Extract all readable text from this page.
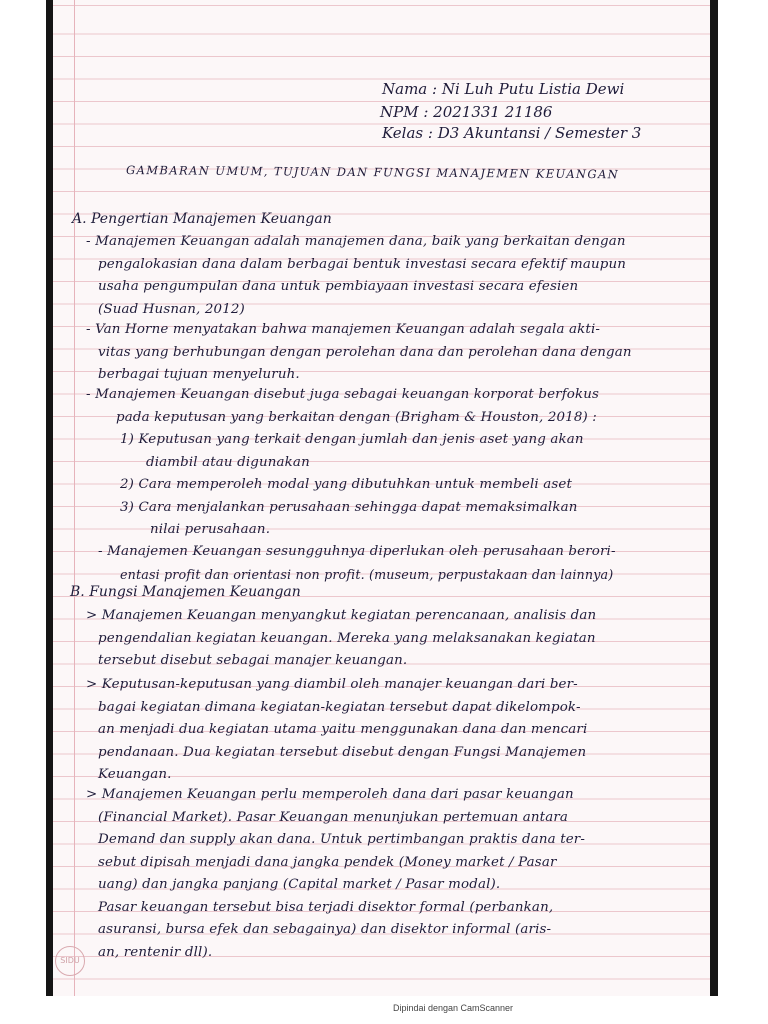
Nama : Ni Luh Putu Listia Dewi
NPM : 2021331 21186
Kelas : D3 Akuntansi / Semester 3
GAMBARAN UMUM, TUJUAN DAN FUNGSI MANAJEMEN KEUANGAN
A. Pengertian Manajemen Keuangan
- Manajemen Keuangan adalah manajemen dana, baik yang berkaitan dengan
pengalokasian dana dalam berbagai bentuk investasi secara efektif maupun
usaha pengumpulan dana untuk pembiayaan investasi secara efesien
(Suad Husnan, 2012)
- Van Horne menyatakan bahwa manajemen Keuangan adalah segala akti-
vitas yang berhubungan dengan perolehan dana dan perolehan dana dengan
berbagai tujuan menyeluruh.
- Manajemen Keuangan disebut juga sebagai keuangan korporat berfokus
pada keputusan yang berkaitan dengan (Brigham & Houston, 2018) :
1) Keputusan yang terkait dengan jumlah dan jenis aset yang akan
diambil atau digunakan
2) Cara memperoleh modal yang dibutuhkan untuk membeli aset
3) Cara menjalankan perusahaan sehingga dapat memaksimalkan
nilai perusahaan.
- Manajemen Keuangan sesungguhnya diperlukan oleh perusahaan berori-
entasi profit dan orientasi non profit. (museum, perpustakaan dan lainnya)
B. Fungsi Manajemen Keuangan
> Manajemen Keuangan menyangkut kegiatan perencanaan, analisis dan
pengendalian kegiatan keuangan. Mereka yang melaksanakan kegiatan
tersebut disebut sebagai manajer keuangan.
> Keputusan-keputusan yang diambil oleh manajer keuangan dari ber-
bagai kegiatan dimana kegiatan-kegiatan tersebut dapat dikelompok-
an menjadi dua kegiatan utama yaitu menggunakan dana dan mencari
pendanaan. Dua kegiatan tersebut disebut dengan Fungsi Manajemen
Keuangan.
> Manajemen Keuangan perlu memperoleh dana dari pasar keuangan
(Financial Market). Pasar Keuangan menunjukan pertemuan antara
Demand dan supply akan dana. Untuk pertimbangan praktis dana ter-
sebut dipisah menjadi dana jangka pendek (Money market / Pasar
uang) dan jangka panjang (Capital market / Pasar modal).
Pasar keuangan tersebut bisa terjadi disektor formal (perbankan,
asuransi, bursa efek dan sebagainya) dan disektor informal (aris-
an, rentenir dll).
SIDU
Dipindai dengan CamScanner
